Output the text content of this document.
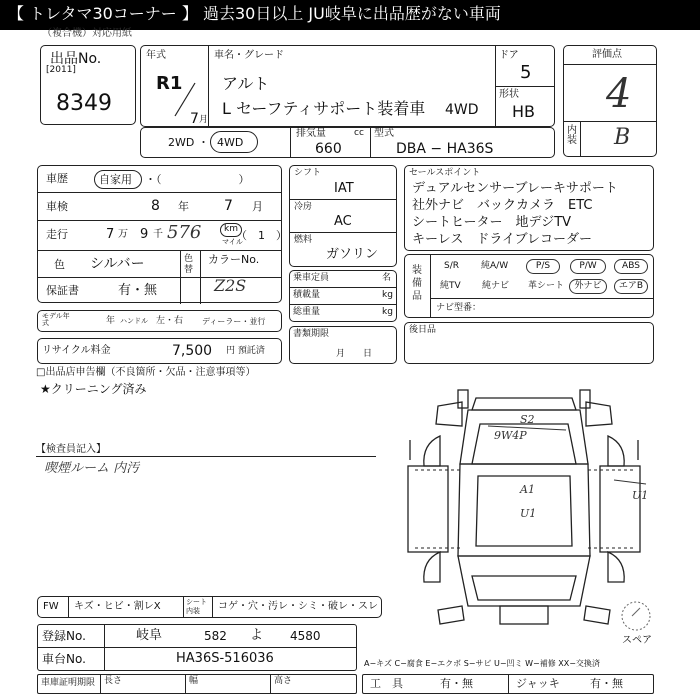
【 トレタマ30コーナー 】 過去30日以上 JU岐阜に出品歴がない車両
（複合機）対応用紙
出品No.
[2011]
8349
年式
R1
7 月
車名・グレード
アルト
L セーフティサポート装着車 4WD
ドア
5
形状
HB
評価点
4
内装 B
2WD ・ 4WD
排気量	cc
660
型式
DBA − HA36S
車歴	自家用 ・（　　　　　　　）
車検	8 年	7 月
走行	7 万 9 千 576	km
マイル
（　1　）
色 シルバー	色替
カラーNo.
Z2S
保証書	有・無
モデル年式	年 ハンドル 左・右 ディーラー・並行
リサイクル料金	7,500 円 預託済
シフト
IAT
冷房
AC
燃料
ガソリン
乗車定員	名
積載量	kg
総重量	kg
書類期限
月　　日
セールスポイント
デュアルセンサーブレーキサポート
社外ナビ　バックカメラ　ETC
シートヒーター　地デジTV
キーレス　ドライブレコーダー
装備品
S/R 純A/W	P/S	P/W	ABS
純TV 純ナビ 革シート	外ナビ	エアB
ナビ型番：
後日品
□出品店申告欄（不良箇所・欠品・注意事項等）
★クリーニング済み
【検査員記入】
喫煙ルーム 内汚
S2
9W4P
A1
U1
U1
スペア
FW キズ・ヒビ・割レX	シート内装	コゲ・穴・汚レ・シミ・破レ・スレ
登録No.	岐阜	582 よ 4580
車台No.	HA36S-516036	A−キズ C−腐食 E−エクボ S−サビ U−凹ミ W−補修 XX−交換済
車庫証明期限 長さ	幅	高さ	工　具	有・無	ジャッキ	有・無
